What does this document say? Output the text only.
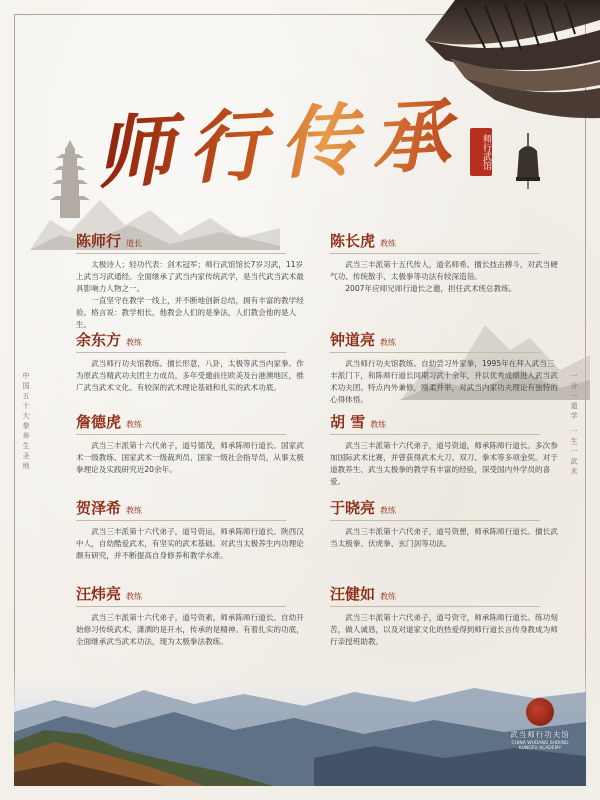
师行传承	师行武馆
中国五十大拳养生圣地	一分一道学 一生一武术
陈师行 道长

太极诗人；轻功代表：剑术冠军；师行武馆馆长7岁习武，11岁上武当习武通经。全面继承了武当内家传统武学，是当代武当武术最具影响力人物之一。

一直坚守在教学一线上，并不断地创新总结，拥有丰富的教学经验。格言说：教学相长，他教会人们的是拳法，人们教会他的是人生。

余东方 教练

武当师行功夫馆教练。擅长形意，八卦，太极等武当内家拳。作为原武当精武功夫团主力成员，多年受邀前往欧美及台港澳地区，推广武当武术文化。有较深的武术理论基础和扎实的武术功底。

詹德虎 教练

武当三丰派第十六代弟子，道号德茂，师承陈师行道长。国家武术一级教练、国家武术一级裁判员、国家一级社会指导员，从事太极拳理论及实践研究近20余年。

贺泽希 教练

武当三丰派第十六代弟子，道号资运，师承陈师行道长。陕西汉中人，自幼酷爱武术，有坚实的武术基础。对武当太极养生内功理论颇有研究，并不断提高自身修养和教学水准。

汪炜亮 教练

武当三丰派第十六代弟子，道号资素，师承陈师行道长。自幼开始修习传统武术，潇洒的是开水，传承的是精神。有着扎实的功底，全面继承武当武术功法，现为太极拳法教练。

陈长虎 教练

武当三丰派第十五代传人，道名师希。擅长技击搏斗，对武当硬气功、传统散手、太极拳等功法有较深造诣。

2007年应师兄师行道长之邀，担任武术班总教练。

钟道亮 教练

武当师行功夫馆教练。自幼尝习外家拳，1995年在拜入武当三丰派门下，和陈师行道长同期习武十余年，并以优秀成绩进入武当武术功夫团。特点内外兼修，刚柔并举，对武当内家功夫理论有独特的心得体悟。

胡 雪 教练

武当三丰派第十六代弟子，道号资道，师承陈师行道长。多次参加国际武术比赛，并曾获得武术大刀、双刀、拳术等多项金奖。对于道教养生、武当太极拳的教学有丰富的经验，深受国内外学员的喜爱。

于晓亮 教练

武当三丰派第十六代弟子，道号资憩，师承陈师行道长。擅长武当太极拳、伏虎拳、玄门剑等功法。

汪健如 教练

武当三丰派第十六代弟子，道号资守，师承陈师行道长。练功刻苦，做人诚恳，以及对道家文化的热爱得到师行道长言传身教成为师行亲授班助教。

武当师行功夫馆
CHINA WUDANG SHIXING KUNGFU ACADEMY
